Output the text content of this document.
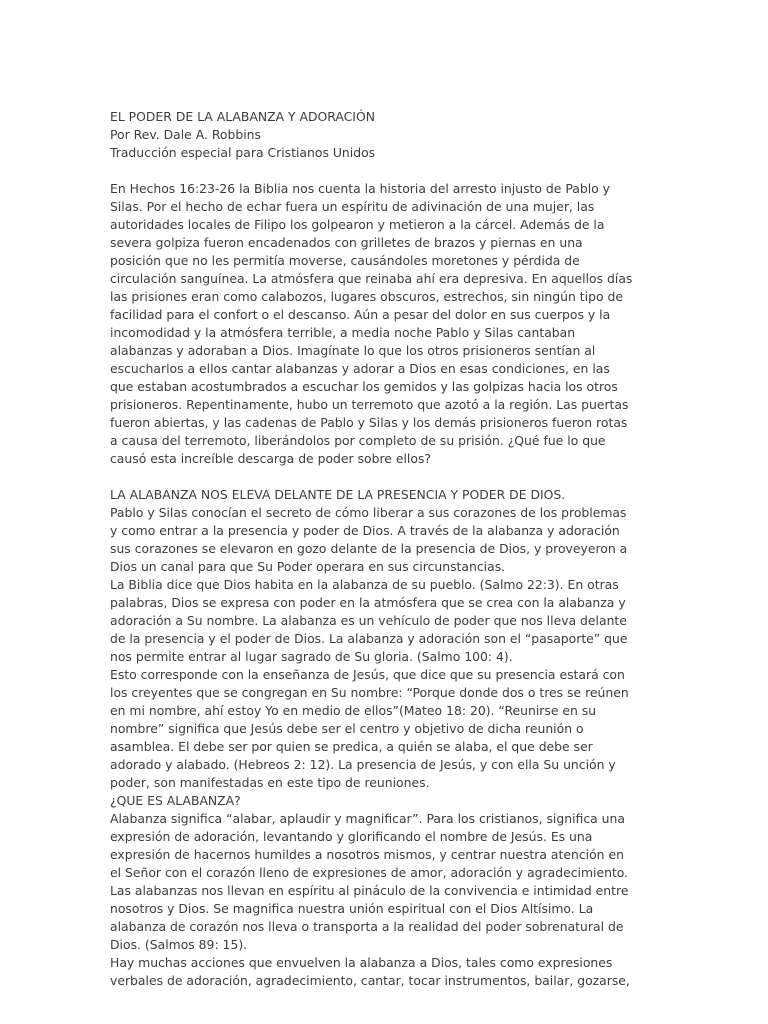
EL PODER DE LA ALABANZA Y ADORACIÓN

Por Rev. Dale A. Robbins

Traducción especial para Cristianos Unidos

En Hechos 16:23-26 la Biblia nos cuenta la historia del arresto injusto de Pablo y
Silas. Por el hecho de echar fuera un espíritu de adivinación de una mujer, las
autoridades locales de Filipo los golpearon y metieron a la cárcel. Además de la
severa golpiza fueron encadenados con grilletes de brazos y piernas en una
posición que no les permitía moverse, causándoles moretones y pérdida de
circulación sanguínea. La atmósfera que reinaba ahí era depresiva. En aquellos días
las prisiones eran como calabozos, lugares obscuros, estrechos, sin ningún tipo de
facilidad para el confort o el descanso. Aún a pesar del dolor en sus cuerpos y la
incomodidad y la atmósfera terrible, a media noche Pablo y Silas cantaban
alabanzas y adoraban a Dios. Imagínate lo que los otros prisioneros sentían al
escucharlos a ellos cantar alabanzas y adorar a Dios en esas condiciones, en las
que estaban acostumbrados a escuchar los gemidos y las golpizas hacia los otros
prisioneros. Repentinamente, hubo un terremoto que azotó a la región. Las puertas
fueron abiertas, y las cadenas de Pablo y Silas y los demás prisioneros fueron rotas
a causa del terremoto, liberándolos por completo de su prisión. ¿Qué fue lo que
causó esta increíble descarga de poder sobre ellos?

LA ALABANZA NOS ELEVA DELANTE DE LA PRESENCIA Y PODER DE DIOS.

Pablo y Silas conocían el secreto de cómo liberar a sus corazones de los problemas
y como entrar a la presencia y poder de Dios. A través de la alabanza y adoración
sus corazones se elevaron en gozo delante de la presencia de Dios, y proveyeron a
Dios un canal para que Su Poder operara en sus circunstancias.

La Biblia dice que Dios habita en la alabanza de su pueblo. (Salmo 22:3). En otras
palabras, Dios se expresa con poder en la atmósfera que se crea con la alabanza y
adoración a Su nombre. La alabanza es un vehículo de poder que nos lleva delante
de la presencia y el poder de Dios. La alabanza y adoración son el “pasaporte” que
nos permite entrar al lugar sagrado de Su gloria. (Salmo 100: 4).

Esto corresponde con la enseñanza de Jesús, que dice que su presencia estará con
los creyentes que se congregan en Su nombre: “Porque donde dos o tres se reúnen
en mi nombre, ahí estoy Yo en medio de ellos”(Mateo 18: 20). “Reunirse en su
nombre” significa que Jesús debe ser el centro y objetivo de dicha reunión o
asamblea. El debe ser por quien se predica, a quién se alaba, el que debe ser
adorado y alabado. (Hebreos 2: 12). La presencia de Jesús, y con ella Su unción y
poder, son manifestadas en este tipo de reuniones.

¿QUE ES ALABANZA?

Alabanza significa “alabar, aplaudir y magnificar”. Para los cristianos, significa una
expresión de adoración, levantando y glorificando el nombre de Jesús. Es una
expresión de hacernos humildes a nosotros mismos, y centrar nuestra atención en
el Señor con el corazón lleno de expresiones de amor, adoración y agradecimiento.
Las alabanzas nos llevan en espíritu al pináculo de la convivencia e intimidad entre
nosotros y Dios. Se magnifica nuestra unión espiritual con el Dios Altísimo. La
alabanza de corazón nos lleva o transporta a la realidad del poder sobrenatural de
Dios. (Salmos 89: 15).

Hay muchas acciones que envuelven la alabanza a Dios, tales como expresiones
verbales de adoración, agradecimiento, cantar, tocar instrumentos, bailar, gozarse,
